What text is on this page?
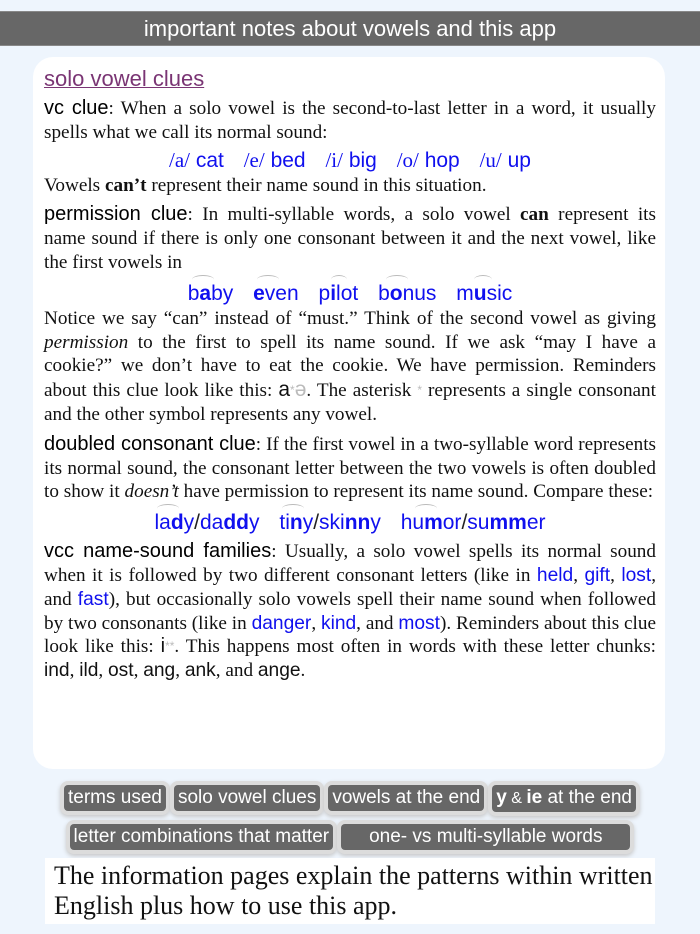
important notes about vowels and this app
solo vowel clues

vc clue: When a solo vowel is the second-to-last letter in a word, it usually spells what we call its normal sound:

/a/ cat /e/ bed /i/ big /o/ hop /u/ up

Vowels can’t represent their name sound in this situation.

permission clue: In multi-syllable words, a solo vowel can represent its name sound if there is only one consonant between it and the next vowel, like the first vowels in

baby even pilot bonus music

Notice we say “can” instead of “must.” Think of the second vowel as giving permission to the first to spell its name sound. If we ask “may I have a cookie?” we don’t have to eat the cookie. We have permission. Reminders about this clue look like this: a*ə. The asterisk * represents a single consonant and the other symbol represents any vowel.

doubled consonant clue: If the first vowel in a two-syllable word represents its normal sound, the consonant letter between the two vowels is often doubled to show it doesn’t have permission to represent its name sound. Compare these:

lady/daddy tiny/skinny humor/summer

vcc name-sound families: Usually, a solo vowel spells its normal sound when it is followed by two different consonant letters (like in held, gift, lost, and fast), but occasionally solo vowels spell their name sound when followed by two consonants (like in danger, kind, and most). Reminders about this clue look like this: i**. This happens most often in words with these letter chunks: ind, ild, ost, ang, ank, and ange.

terms used solo vowel clues vowels at the end y & ie at the end
letter combinations that matter one- vs multi-syllable words
The information pages explain the patterns within written English plus how to use this app.
